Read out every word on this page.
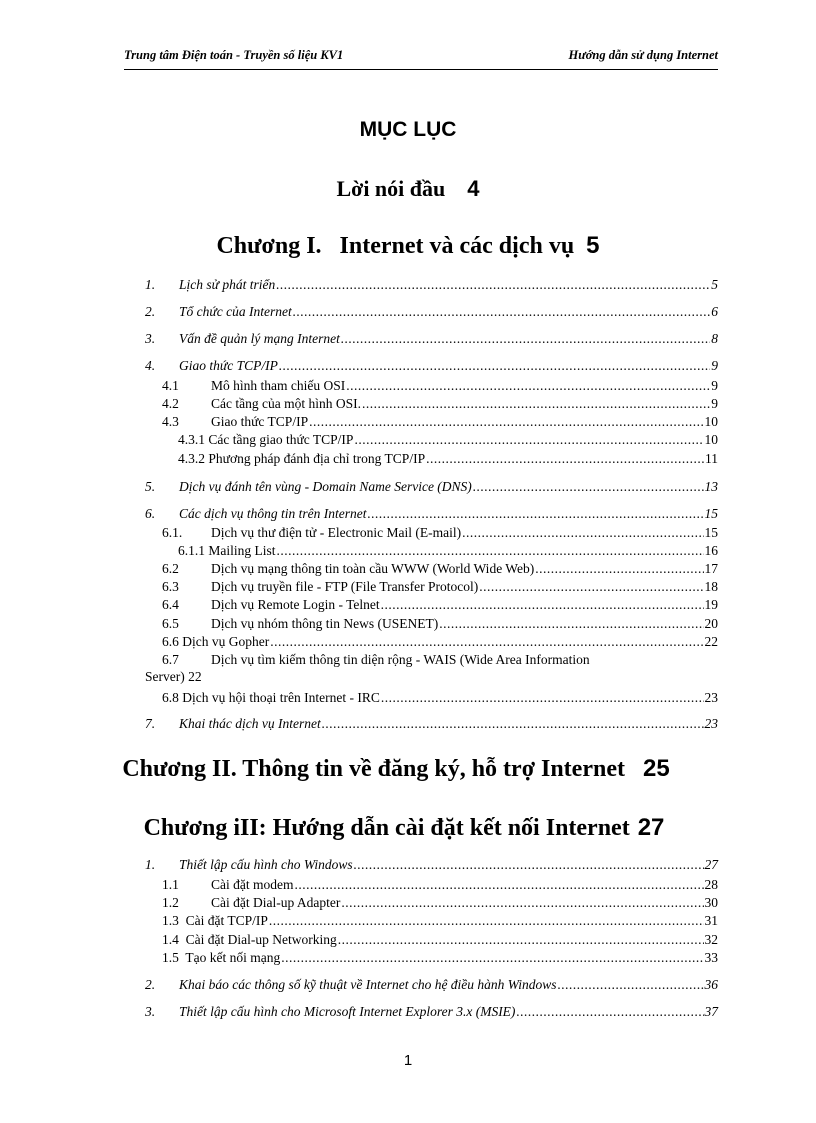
Trung tâm Điện toán - Truyền số liệu KV1	Hướng dẫn sử dụng Internet
MỤC LỤC
Lời nói đầu 4
Chương I.   Internet và các dịch vụ 5
1. Lịch sử phát triển .....	5
2. Tổ chức của Internet .....	6
3. Vấn đề quản lý mạng Internet .....	8
4. Giao thức TCP/IP .....	9
4.1 Mô hình tham chiếu OSI .....	9
4.2 Các tầng của một hình OSI. .....	9
4.3 Giao thức TCP/IP .....	10
4.3.1 Các tầng giao thức TCP/IP .....	10
4.3.2 Phương pháp đánh địa chỉ trong TCP/IP .....	11
5. Dịch vụ đánh tên vùng - Domain Name Service (DNS) .....	13
6. Các dịch vụ thông tin trên Internet .....	15
6.1. Dịch vụ thư điện tử - Electronic Mail (E-mail) .....	15
6.1.1 Mailing List .....	16
6.2 Dịch vụ mạng thông tin toàn cầu WWW (World Wide Web) .....	17
6.3 Dịch vụ truyền file - FTP (File Transfer Protocol) .....	18
6.4 Dịch vụ Remote Login - Telnet .....	19
6.5 Dịch vụ nhóm thông tin News (USENET) .....	20
6.6 Dịch vụ Gopher .....	22
6.7 Dịch vụ tìm kiếm thông tin diện rộng - WAIS (Wide Area Information
Server) 22
6.8 Dịch vụ hội thoại trên Internet - IRC .....	23
7. Khai thác dịch vụ Internet .....	23
Chương II. Thông tin về đăng ký, hỗ trợ Internet 25
Chương iII: Hướng dẫn cài đặt kết nối Internet 27
1. Thiết lập cấu hình cho Windows .....	27
1.1 Cài đặt modem .....	28
1.2 Cài đặt Dial-up Adapter .....	30
1.3 Cài đặt TCP/IP .....	31
1.4 Cài đặt Dial-up Networking .....	32
1.5 Tạo kết nối mạng .....	33
2. Khai báo các thông số kỹ thuật về Internet cho hệ điều hành Windows .....	36
3. Thiết lập cấu hình cho Microsoft Internet Explorer 3.x (MSIE) .....	37
1
